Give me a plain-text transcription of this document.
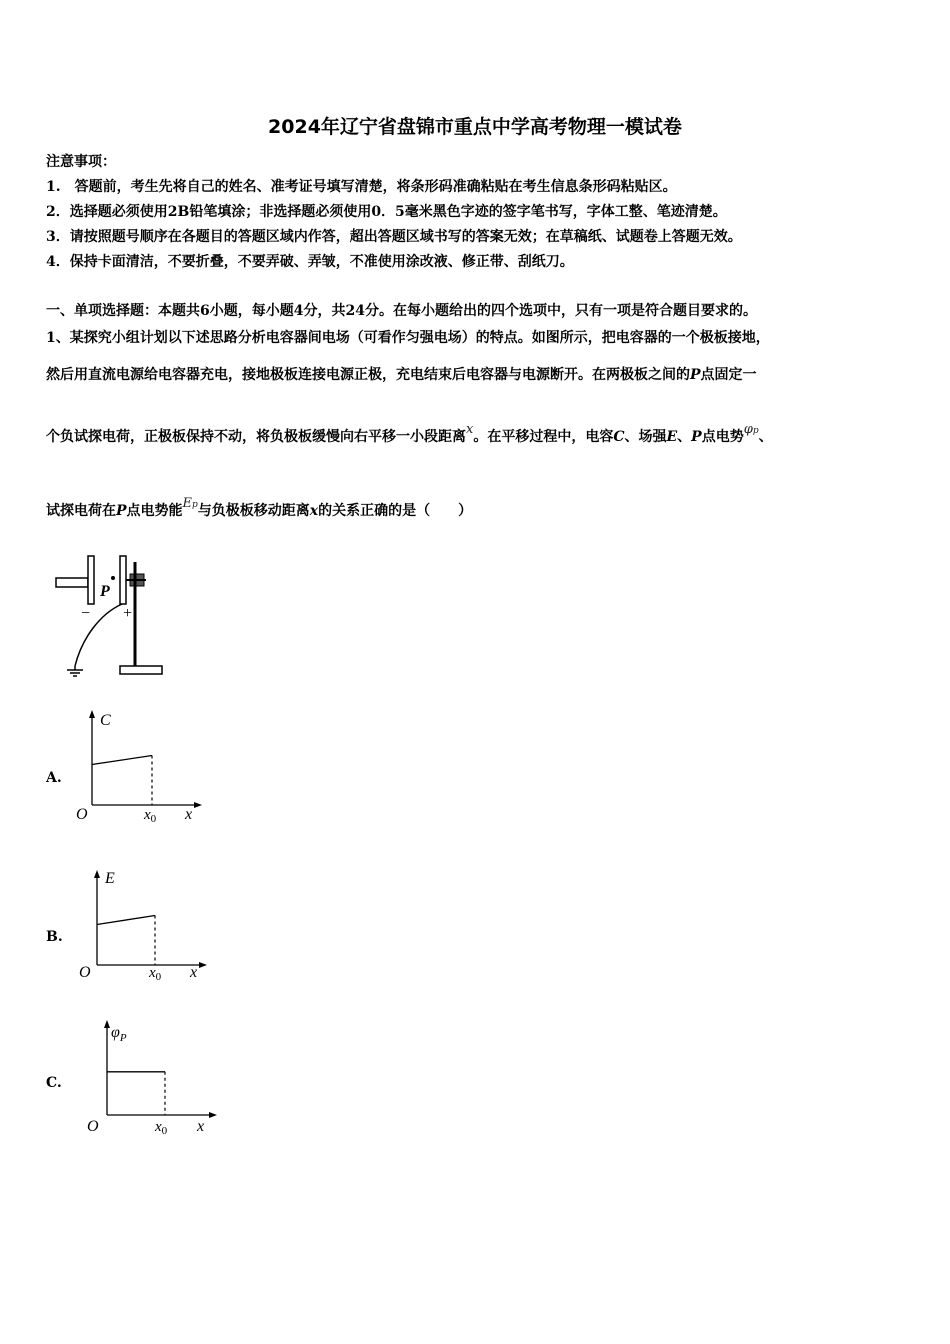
2024年辽宁省盘锦市重点中学高考物理一模试卷
注意事项：
1.　答题前，考生先将自己的姓名、准考证号填写清楚，将条形码准确粘贴在考生信息条形码粘贴区。
2．选择题必须使用2B铅笔填涂；非选择题必须使用0．5毫米黑色字迹的签字笔书写，字体工整、笔迹清楚。
3．请按照题号顺序在各题目的答题区域内作答，超出答题区域书写的答案无效；在草稿纸、试题卷上答题无效。
4．保持卡面清洁，不要折叠，不要弄破、弄皱，不准使用涂改液、修正带、刮纸刀。
一、单项选择题：本题共6小题，每小题4分，共24分。在每小题给出的四个选项中，只有一项是符合题目要求的。
1、某探究小组计划以下述思路分析电容器间电场（可看作匀强电场）的特点。如图所示，把电容器的一个极板接地，
然后用直流电源给电容器充电，接地极板连接电源正极，充电结束后电容器与电源断开。在两极板之间的P点固定一
个负试探电荷，正极板保持不动，将负极板缓慢向右平移一小段距离x。在平移过程中，电容C、场强E、P点电势φp、
试探电荷在P点电势能Ep与负极板移动距离x的关系正确的是（　　）
P
− +
A.
C
O	$x_0$ x
B.
E
O	$x_0$ x
C.
$\varphi_P$
O	$x_0$ x
